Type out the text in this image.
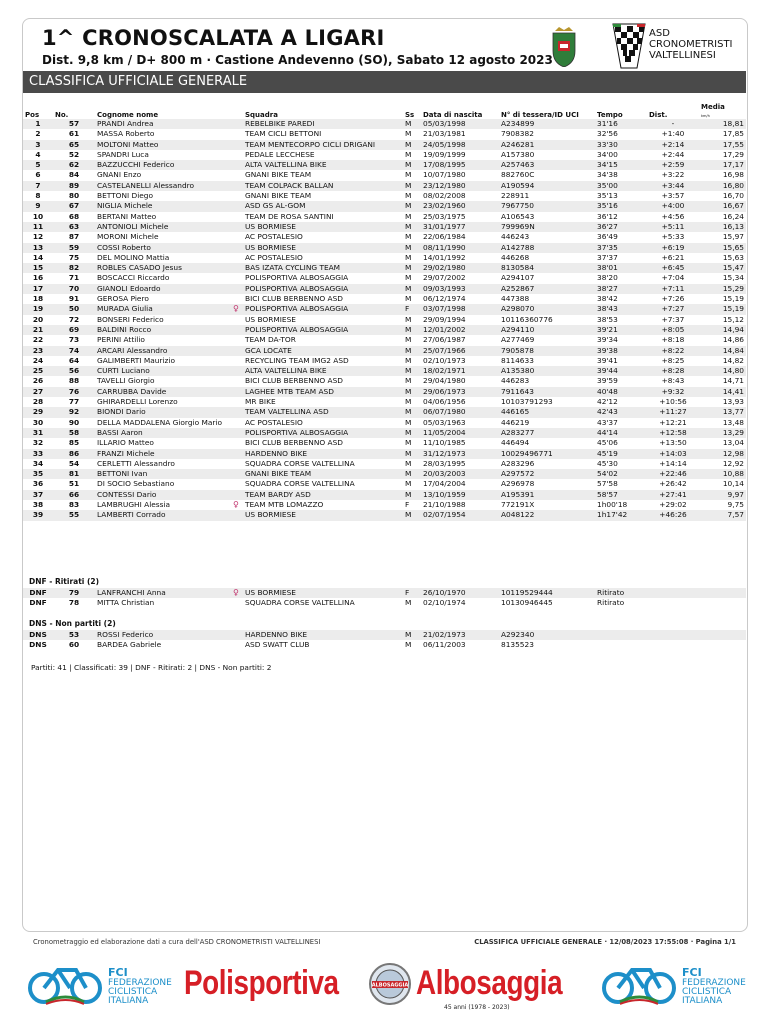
1^ CRONOSCALATA A LIGARI
Dist. 9,8 km / D+ 800 m · Castione Andevenno (SO), Sabato 12 agosto 2023
ASD
CRONOMETRISTI
VALTELLINESI
CLASSIFICA UFFICIALE GENERALE
Pos	No.	Cognome nome	Squadra	Ss	Data di nascita	N° di tessera/ID UCI	Tempo	Dist.	Media
km/h
1	57	PRANDI Andrea	REBELBIKE PAREDI	M	05/03/1998	A234899	31'16	-	18,81
2	61	MASSA Roberto	TEAM CICLI BETTONI	M	21/03/1981	7908382	32'56	+1:40	17,85
3	65	MOLTONI Matteo	TEAM MENTECORPO CICLI DRIGANI	M	24/05/1998	A246281	33'30	+2:14	17,55
4	52	SPANDRI Luca	PEDALE LECCHESE	M	19/09/1999	A157380	34'00	+2:44	17,29
5	62	BAZZUCCHI Federico	ALTA VALTELLINA BIKE	M	17/08/1995	A257463	34'15	+2:59	17,17
6	84	GNANI Enzo	GNANI BIKE TEAM	M	10/07/1980	882760C	34'38	+3:22	16,98
7	89	CASTELANELLI Alessandro	TEAM COLPACK BALLAN	M	23/12/1980	A190594	35'00	+3:44	16,80
8	80	BETTONI Diego	GNANI BIKE TEAM	M	08/02/2008	228911	35'13	+3:57	16,70
9	67	NIGLIA Michele	ASD GS AL-GOM	M	23/02/1960	7967750	35'16	+4:00	16,67
10	68	BERTANI Matteo	TEAM DE ROSA SANTINI	M	25/03/1975	A106543	36'12	+4:56	16,24
11	63	ANTONIOLI Michele	US BORMIESE	M	31/01/1977	799969N	36'27	+5:11	16,13
12	87	MORONI Michele	AC POSTALESIO	M	22/06/1984	446243	36'49	+5:33	15,97
13	59	COSSI Roberto	US BORMIESE	M	08/11/1990	A142788	37'35	+6:19	15,65
14	75	DEL MOLINO Mattia	AC POSTALESIO	M	14/01/1992	446268	37'37	+6:21	15,63
15	82	ROBLES CASADO Jesus	BAS IZATA CYCLING TEAM	M	29/02/1980	8130584	38'01	+6:45	15,47
16	71	BOSCACCI Riccardo	POLISPORTIVA ALBOSAGGIA	M	29/07/2002	A294107	38'20	+7:04	15,34
17	70	GIANOLI Edoardo	POLISPORTIVA ALBOSAGGIA	M	09/03/1993	A252867	38'27	+7:11	15,29
18	91	GEROSA Piero	BICI CLUB BERBENNO ASD	M	06/12/1974	447388	38'42	+7:26	15,19
19	50	MURADA Giulia	♀ POLISPORTIVA ALBOSAGGIA	F	03/07/1998	A298070	38'43	+7:27	15,19
20	72	BONSERI Federico	US BORMIESE	M	29/09/1994	10116360776	38'53	+7:37	15,12
21	69	BALDINI Rocco	POLISPORTIVA ALBOSAGGIA	M	12/01/2002	A294110	39'21	+8:05	14,94
22	73	PERINI Attilio	TEAM DA-TOR	M	27/06/1987	A277469	39'34	+8:18	14,86
23	74	ARCARI Alessandro	GCA LOCATE	M	25/07/1966	7905878	39'38	+8:22	14,84
24	64	GALIMBERTI Maurizio	RECYCLING TEAM IMG2 ASD	M	02/10/1973	8114633	39'41	+8:25	14,82
25	56	CURTI Luciano	ALTA VALTELLINA BIKE	M	18/02/1971	A135380	39'44	+8:28	14,80
26	88	TAVELLI Giorgio	BICI CLUB BERBENNO ASD	M	29/04/1980	446283	39'59	+8:43	14,71
27	76	CARRUBBA Davide	LAGHEE MTB TEAM ASD	M	29/06/1973	7911643	40'48	+9:32	14,41
28	77	GHIRARDELLI Lorenzo	MR BIKE	M	04/06/1956	10103791293	42'12	+10:56	13,93
29	92	BIONDI Dario	TEAM VALTELLINA ASD	M	06/07/1980	446165	42'43	+11:27	13,77
30	90	DELLA MADDALENA Giorgio Mario	AC POSTALESIO	M	05/03/1963	446219	43'37	+12:21	13,48
31	58	BASSI Aaron	POLISPORTIVA ALBOSAGGIA	M	11/05/2004	A283277	44'14	+12:58	13,29
32	85	ILLARIO Matteo	BICI CLUB BERBENNO ASD	M	11/10/1985	446494	45'06	+13:50	13,04
33	86	FRANZI Michele	HARDENNO BIKE	M	31/12/1973	10029496771	45'19	+14:03	12,98
34	54	CERLETTI Alessandro	SQUADRA CORSE VALTELLINA	M	28/03/1995	A283296	45'30	+14:14	12,92
35	81	BETTONI Ivan	GNANI BIKE TEAM	M	20/03/2003	A297572	54'02	+22:46	10,88
36	51	DI SOCIO Sebastiano	SQUADRA CORSE VALTELLINA	M	17/04/2004	A296978	57'58	+26:42	10,14
37	66	CONTESSI Dario	TEAM BARDY ASD	M	13/10/1959	A195391	58'57	+27:41	9,97
38	83	LAMBRUGHI Alessia	♀ TEAM MTB LOMAZZO	F	21/10/1988	772191X	1h00'18	+29:02	9,75
39	55	LAMBERTI Corrado	US BORMIESE	M	02/07/1954	A048122	1h17'42	+46:26	7,57
DNF - Ritirati (2)
DNF	79	LANFRANCHI Anna	♀ US BORMIESE	F	26/10/1970	10119529444	Ritirato		
DNF	78	MITTA Christian	SQUADRA CORSE VALTELLINA	M	02/10/1974	10130946445	Ritirato		
DNS - Non partiti (2)
DNS	53	ROSSI Federico	HARDENNO BIKE	M	21/02/1973	A292340			
DNS	60	BARDEA Gabriele	ASD SWATT CLUB	M	06/11/2003	8135523			
Partiti: 41 | Classificati: 39 | DNF - Ritirati: 2 | DNS - Non partiti: 2
Cronometraggio ed elaborazione dati a cura dell'ASD CRONOMETRISTI VALTELLINESI	CLASSIFICA UFFICIALE GENERALE · 12/08/2023 17:55:08 · Pagina 1/1
FCI
FEDERAZIONE
CICLISTICA
ITALIANA
FCI
FEDERAZIONE
CICLISTICA
ITALIANA
Polisportiva	ALBOSAGGIA Albosaggia
45 anni (1978 - 2023)
